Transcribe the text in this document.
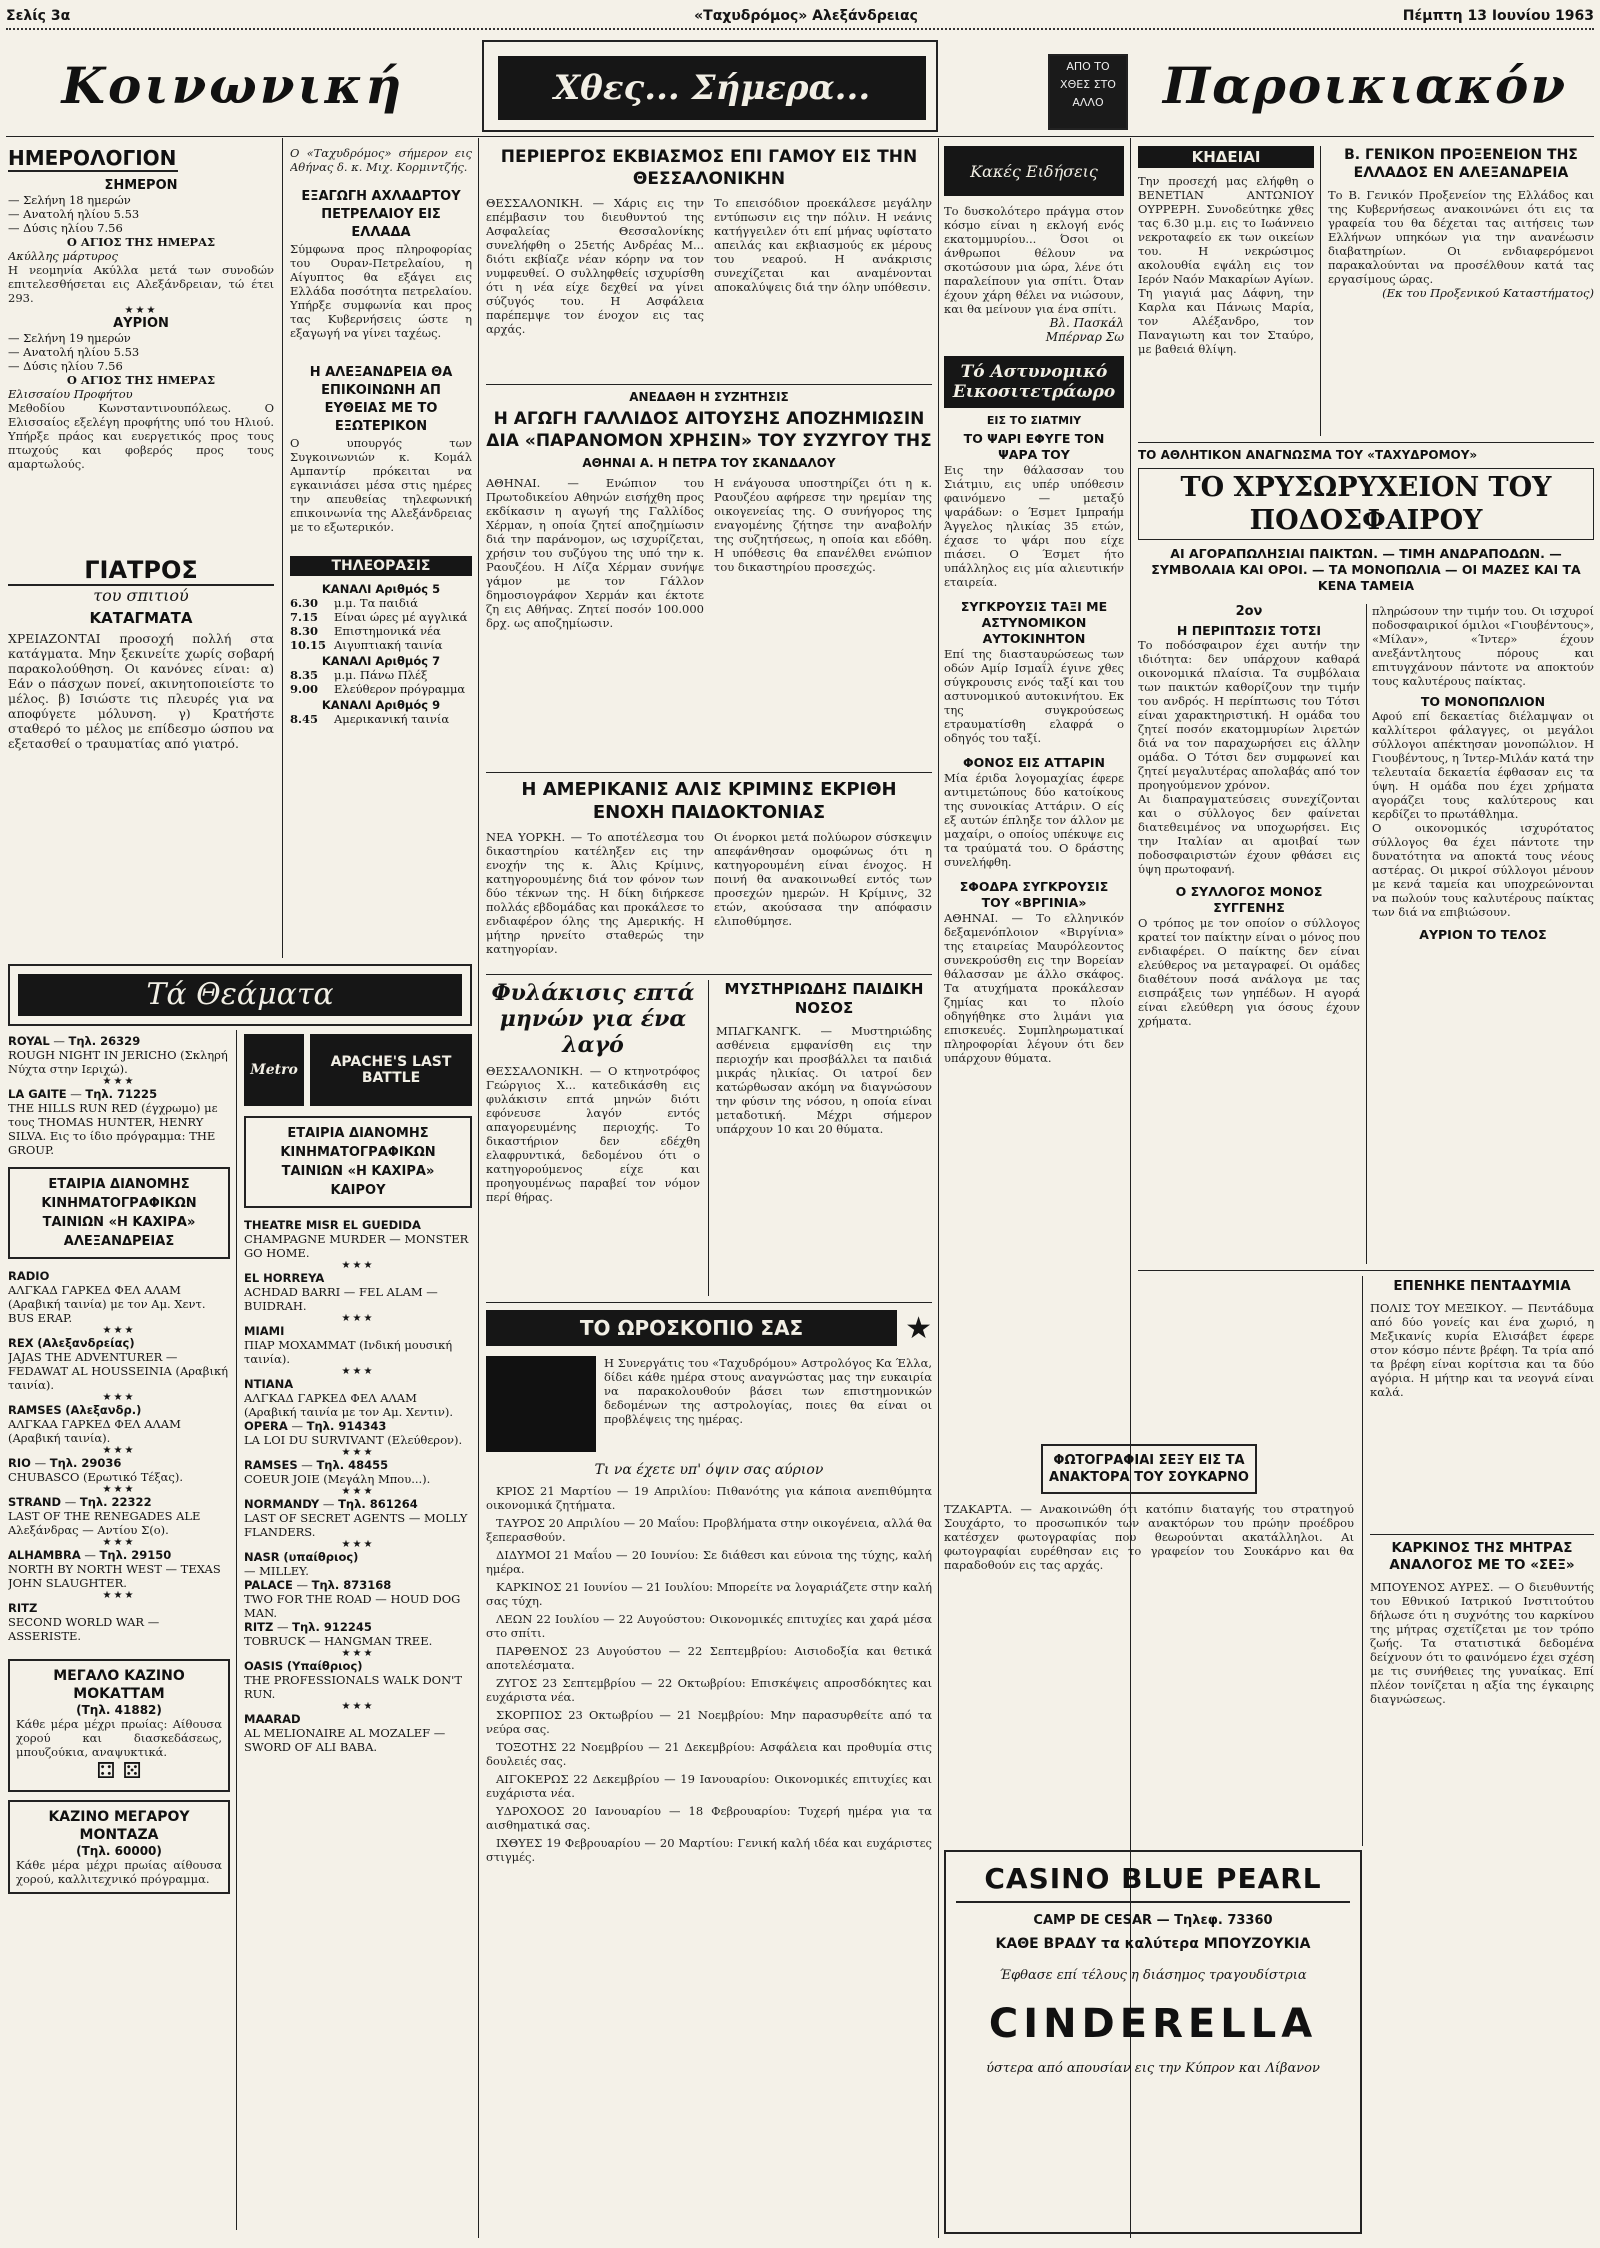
Σελίς 3α	«Ταχυδρόμος» Αλεξάνδρειας	Πέμπτη 13 Ιουνίου 1963
Κοινωνική	Χθες... Σήμερα...
ΑΠΟ ΤΟ ΧΘΕΣ ΣΤΟ ΑΛΛΟ	Παροικιακόν
ΗΜΕΡΟΛΟΓΙΟΝ
ΣΗΜΕΡΟΝ
— Σελήνη 18 ημερών
— Ανατολή ηλίου 5.53
— Δύσις ηλίου 7.56
Ο ΑΓΙΟΣ ΤΗΣ ΗΜΕΡΑΣ
Ακύλλης μάρτυρος
Η νεομηνία Ακύλλα μετά των συνοδών επιτελεσθήσεται εις Αλεξάνδρειαν, τώ έτει 293.
★★★
ΑΥΡΙΟΝ
— Σελήνη 19 ημερών
— Ανατολή ηλίου 5.53
— Δύσις ηλίου 7.56
Ο ΑΓΙΟΣ ΤΗΣ ΗΜΕΡΑΣ
Ελισσαίου Προφήτου
Μεθοδίου Κωνσταντινουπόλεως. Ο Ελισσαίος εξελέγη προφήτης υπό του Ηλιού. Υπήρξε πράος και ευεργετικός προς τους πτωχούς και φοβερός προς τους αμαρτωλούς.
ΓΙΑΤΡΟΣ
του σπιτιού
ΚΑΤΑΓΜΑΤΑ
ΧΡΕΙΑΖΟΝΤΑΙ προσοχή πολλή στα κατάγματα. Μην ξεκινείτε χωρίς σοβαρή παρακολούθηση. Οι κανόνες είναι: α) Εάν ο πάσχων πονεί, ακινητοποιείστε το μέλος. β) Ισιώστε τις πλευρές για να αποφύγετε μόλυνση. γ) Κρατήστε σταθερό το μέλος με επίδεσμο ώσπου να εξετασθεί ο τραυματίας από γιατρό.
Ο «Ταχυδρόμος» σήμερον εις Αθήνας δ. κ. Μιχ. Κορμιντζής.
ΕΞΑΓΩΓΗ ΑΧΛΑΔΡΤΟΥ ΠΕΤΡΕΛΑΙΟΥ ΕΙΣ ΕΛΛΑΔΑ
Σύμφωνα προς πληροφορίας του Ουραν-Πετρελαίου, η Αίγυπτος θα εξάγει εις Ελλάδα ποσότητα πετρελαίου. Υπήρξε συμφωνία και προς τας Κυβερνήσεις ώστε η εξαγωγή να γίνει ταχέως.
Η ΑΛΕΞΑΝΔΡΕΙΑ ΘΑ ΕΠΙΚΟΙΝΩΝΗ ΑΠ ΕΥΘΕΙΑΣ ΜΕ ΤΟ ΕΞΩΤΕΡΙΚΟΝ
Ο υπουργός των Συγκοινωνιών κ. Κομάλ Αμπαντίρ πρόκειται να εγκαινιάσει μέσα στις ημέρες την απευθείας τηλεφωνική επικοινωνία της Αλεξάνδρειας με το εξωτερικόν.
ΤΗΛΕΟΡΑΣΙΣ
ΚΑΝΑΛΙ Αριθμός 5
6.30	μ.μ. Τα παιδιά
7.15	Είναι ώρες μέ αγγλικά
8.30	Επιστημονικά νέα
10.15 Αιγυπτιακή ταινία
ΚΑΝΑΛΙ Αριθμός 7
8.35	μ.μ. Πάνω Πλέξ
9.00	Ελεύθερον πρόγραμμα
ΚΑΝΑΛΙ Αριθμός 9
8.45	Αμερικανική ταινία
Τά Θεάματα
ROYAL — Τηλ. 26329
ROUGH NIGHT IN JERICHO (Σκληρή Νύχτα στην Ιεριχώ).
★★★
LA GAITE — Τηλ. 71225
THE HILLS RUN RED (έγχρωμο) με τους THOMAS HUNTER, HENRY SILVA. Εις το ίδιο πρόγραμμα: THE GROUP.
ΕΤΑΙΡΙΑ ΔΙΑΝΟΜΗΣ ΚΙΝΗΜΑΤΟΓΡΑΦΙΚΩΝ ΤΑΙΝΙΩΝ «Η ΚΑΧΙΡΑ» ΑΛΕΞΑΝΔΡΕΙΑΣ
RADIO
ΑΛΓΚΑΔ ΓΑΡΚΕΔ ΦΕΛ ΑΛΑΜ (Αραβική ταινία) με τον Αμ. Χεντ. BUS ERAP.
★★★
REX (Αλεξανδρείας)
JAJAS THE ADVENTURER — FEDAWAT AL HOUSSEINIA (Αραβική ταινία).
★★★
RAMSES (Αλεξανδρ.)
ΑΛΓΚΑΑ ΓΑΡΚΕΔ ΦΕΛ ΑΛΑΜ (Αραβική ταινία).
★★★
RIO — Τηλ. 29036
CHUBASCO (Ερωτικό Τέξας).
★★★
STRAND — Τηλ. 22322
LAST OF THE RENEGADES ALE Αλεξάνδρας — Αντίου Σ(ο).
★★★
ALHAMBRA — Τηλ. 29150
NORTH BY NORTH WEST — TEXAS JOHN SLAUGHTER.
★★★
RITZ
SECOND WORLD WAR — ASSERISTE.
ΜΕΓΑΛΟ ΚΑΖΙΝΟ ΜΟΚΑΤΤΑΜ
(Τηλ. 41882)
Κάθε μέρα μέχρι πρωίας: Αίθουσα χορού και διασκεδάσεως, μπουζούκια, αναψυκτικά.
⚃ ⚄
ΚΑΖΙΝΟ ΜΕΓΑΡΟΥ ΜΟΝΤΑΖΑ
(Τηλ. 60000)
Κάθε μέρα μέχρι πρωίας αίθουσα χορού, καλλιτεχνικό πρόγραμμα.
Metro	APACHE'S LAST BATTLE
ΕΤΑΙΡΙΑ ΔΙΑΝΟΜΗΣ ΚΙΝΗΜΑΤΟΓΡΑΦΙΚΩΝ ΤΑΙΝΙΩΝ «Η ΚΑΧΙΡΑ» ΚΑΙΡΟΥ
THEATRE MISR EL GUEDIDA
CHAMPAGNE MURDER — MONSTER GO HOME.
★★★
EL HORREYA
ACHDAD BARRI — FEL ALAM — BUIDRAH.
★★★
MIAMI
ΠΙΑΡ ΜΟΧΑΜΜΑΤ (Ινδική μουσική ταινία).
★★★
NTIANA
ΑΛΓΚΑΔ ΓΑΡΚΕΔ ΦΕΛ ΑΛΑΜ (Αραβική ταινία με τον Αμ. Χεντιν).
OPERA — Τηλ. 914343
LA LOI DU SURVIVANT (Ελεύθερον).
★★★
RAMSES — Τηλ. 48455
COEUR JOIE (Μεγάλη Μπου...).
★★★
NORMANDY — Τηλ. 861264
LAST OF SECRET AGENTS — MOLLY FLANDERS.
★★★
NASR (υπαίθριος)
— MILLEY.
PALACE — Τηλ. 873168
TWO FOR THE ROAD — HOUD DOG MAN.
RITZ — Τηλ. 912245
TOBRUCK — HANGMAN TREE.
★★★
OASIS (Υπαίθριος)
THE PROFESSIONALS WALK DON'T RUN.
★★★
MAARAD
AL MELIONAIRE AL MOZALEF — SWORD OF ALI BABA.
ΠΕΡΙΕΡΓΟΣ ΕΚΒΙΑΣΜΟΣ ΕΠΙ ΓΑΜΟΥ ΕΙΣ ΤΗΝ ΘΕΣΣΑΛΟΝΙΚΗΝ
ΘΕΣΣΑΛΟΝΙΚΗ. — Χάρις εις την επέμβασιν του διευθυντού της Ασφαλείας Θεσσαλονίκης συνελήφθη ο 25ετής Ανδρέας Μ... διότι εκβίαζε νέαν κόρην να τον νυμφευθεί. Ο συλληφθείς ισχυρίσθη ότι η νέα είχε δεχθεί να γίνει σύζυγός του. Η Ασφάλεια παρέπεμψε τον ένοχον εις τας αρχάς.
Το επεισόδιον προεκάλεσε μεγάλην εντύπωσιν εις την πόλιν. Η νεάνις κατήγγειλεν ότι επί μήνας υφίστατο απειλάς και εκβιασμούς εκ μέρους του νεαρού. Η ανάκρισις συνεχίζεται και αναμένονται αποκαλύψεις διά την όλην υπόθεσιν.
ΑΝΕΔΑΘΗ Η ΣΥΖΗΤΗΣΙΣ
Η ΑΓΩΓΗ ΓΑΛΛΙΔΟΣ ΑΙΤΟΥΣΗΣ ΑΠΟΖΗΜΙΩΣΙΝ ΔΙΑ «ΠΑΡΑΝΟΜΟΝ ΧΡΗΣΙΝ» ΤΟΥ ΣΥΖΥΓΟΥ ΤΗΣ
ΑΘΗΝΑΙ Α. Η ΠΕΤΡΑ ΤΟΥ ΣΚΑΝΔΑΛΟΥ
ΑΘΗΝΑΙ. — Ενώπιον του Πρωτοδικείου Αθηνών εισήχθη προς εκδίκασιν η αγωγή της Γαλλίδος Χέρμαν, η οποία ζητεί αποζημίωσιν διά την παράνομον, ως ισχυρίζεται, χρήσιν του συζύγου της υπό την κ. Ραουζέου. Η Λίζα Χέρμαν συνήψε γάμον με τον Γάλλον δημοσιογράφον Χερμάν και έκτοτε ζη εις Αθήνας. Ζητεί ποσόν 100.000 δρχ. ως αποζημίωσιν.
Η ενάγουσα υποστηρίζει ότι η κ. Ραουζέου αφήρεσε την ηρεμίαν της οικογενείας της. Ο συνήγορος της εναγομένης ζήτησε την αναβολήν της συζητήσεως, η οποία και εδόθη. Η υπόθεσις θα επανέλθει ενώπιον του δικαστηρίου προσεχώς.
Η ΑΜΕΡΙΚΑΝΙΣ ΑΛΙΣ ΚΡΙΜΙΝΣ ΕΚΡΙΘΗ ΕΝΟΧΗ ΠΑΙΔΟΚΤΟΝΙΑΣ
ΝΕΑ ΥΟΡΚΗ. — Το αποτέλεσμα του δικαστηρίου κατέληξεν εις την ενοχήν της κ. Άλις Κρίμινς, κατηγορουμένης διά τον φόνον των δύο τέκνων της. Η δίκη διήρκεσε πολλάς εβδομάδας και προκάλεσε το ενδιαφέρον όλης της Αμερικής. Η μήτηρ ηρνείτο σταθερώς την κατηγορίαν.
Οι ένορκοι μετά πολύωρον σύσκεψιν απεφάνθησαν ομοφώνως ότι η κατηγορουμένη είναι ένοχος. Η ποινή θα ανακοινωθεί εντός των προσεχών ημερών. Η Κρίμινς, 32 ετών, ακούσασα την απόφασιν ελιποθύμησε.
Φυλάκισις επτά μηνών για ένα λαγό
ΘΕΣΣΑΛΟΝΙΚΗ. — Ο κτηνοτρόφος Γεώργιος Χ... κατεδικάσθη εις φυλάκισιν επτά μηνών διότι εφόνευσε λαγόν εντός απαγορευμένης περιοχής. Το δικαστήριον δεν εδέχθη ελαφρυντικά, δεδομένου ότι ο κατηγορούμενος είχε και προηγουμένως παραβεί τον νόμον περί θήρας.
ΜΥΣΤΗΡΙΩΔΗΣ ΠΑΙΔΙΚΗ ΝΟΣΟΣ
ΜΠΑΓΚΑΝΓΚ. — Μυστηριώδης ασθένεια εμφανίσθη εις την περιοχήν και προσβάλλει τα παιδιά μικράς ηλικίας. Οι ιατροί δεν κατώρθωσαν ακόμη να διαγνώσουν την φύσιν της νόσου, η οποία είναι μεταδοτική. Μέχρι σήμερον υπάρχουν 10 και 20 θύματα.
ΤΟ ΩΡΟΣΚΟΠΙΟ ΣΑΣ	★
Η Συνεργάτις του «Ταχυδρόμου» Αστρολόγος Κα Έλλα, δίδει κάθε ημέρα στους αναγνώστας μας την ευκαιρία να παρακολουθούν βάσει των επιστημονικών δεδομένων της αστρολογίας, ποιες θα είναι οι προβλέψεις της ημέρας.
Τι να έχετε υπ' όψιν σας αύριον

ΚΡΙΟΣ 21 Μαρτίου — 19 Απριλίου: Πιθανότης για κάποια ανεπιθύμητα οικονομικά ζητήματα.

ΤΑΥΡΟΣ 20 Απριλίου — 20 Μαΐου: Προβλήματα στην οικογένεια, αλλά θα ξεπερασθούν.

ΔΙΔΥΜΟΙ 21 Μαΐου — 20 Ιουνίου: Σε διάθεσι και εύνοια της τύχης, καλή ημέρα.

ΚΑΡΚΙΝΟΣ 21 Ιουνίου — 21 Ιουλίου: Μπορείτε να λογαριάζετε στην καλή σας τύχη.

ΛΕΩΝ 22 Ιουλίου — 22 Αυγούστου: Οικονομικές επιτυχίες και χαρά μέσα στο σπίτι.

ΠΑΡΘΕΝΟΣ 23 Αυγούστου — 22 Σεπτεμβρίου: Αισιοδοξία και θετικά αποτελέσματα.

ΖΥΓΟΣ 23 Σεπτεμβρίου — 22 Οκτωβρίου: Επισκέψεις απροσδόκητες και ευχάριστα νέα.

ΣΚΟΡΠΙΟΣ 23 Οκτωβρίου — 21 Νοεμβρίου: Μην παρασυρθείτε από τα νεύρα σας.

ΤΟΞΟΤΗΣ 22 Νοεμβρίου — 21 Δεκεμβρίου: Ασφάλεια και προθυμία στις δουλειές σας.

ΑΙΓΟΚΕΡΩΣ 22 Δεκεμβρίου — 19 Ιανουαρίου: Οικονομικές επιτυχίες και ευχάριστα νέα.

ΥΔΡΟΧΟΟΣ 20 Ιανουαρίου — 18 Φεβρουαρίου: Τυχερή ημέρα για τα αισθηματικά σας.

ΙΧΘΥΕΣ 19 Φεβρουαρίου — 20 Μαρτίου: Γενική καλή ιδέα και ευχάριστες στιγμές.

Κακές Ειδήσεις
Το δυσκολότερο πράγμα στον κόσμο είναι η εκλογή ενός εκατομμυρίου... Όσοι οι άνθρωποι θέλουν να σκοτώσουν μια ώρα, λένε ότι παραλείπουν για σπίτι. Όταν έχουν χάρη θέλει να νιώσουν, και θα μείνουν για ένα σπίτι.
Βλ. Πασκάλ
Μπέρναρ Σω
Τό Αστυνομικό Εικοσιτετράωρο
ΕΙΣ ΤΟ ΣΙΑΤΜΙΥ
ΤΟ ΨΑΡΙ ΕΦΥΓΕ ΤΟΝ ΨΑΡΑ ΤΟΥ
Εις την θάλασσαν του Σιάτμιυ, εις υπέρ υπόθεσιν φαινόμενο — μεταξύ ψαράδων: ο Έσμετ Ιμπραήμ Άγγελος ηλικίας 35 ετών, έχασε το ψάρι που είχε πιάσει. Ο Έσμετ ήτο υπάλληλος εις μία αλιευτικήν εταιρεία.
ΣΥΓΚΡΟΥΣΙΣ ΤΑΞΙ ΜΕ ΑΣΤΥΝΟΜΙΚΟΝ ΑΥΤΟΚΙΝΗΤΟΝ
Επί της διασταυρώσεως των οδών Αμίρ Ισμαΐλ έγινε χθες σύγκρουσις ενός ταξί και του αστυνομικού αυτοκινήτου. Εκ της συγκρούσεως ετραυματίσθη ελαφρά ο οδηγός του ταξί.
ΦΟΝΟΣ ΕΙΣ ΑΤΤΑΡΙΝ
Μία έριδα λογομαχίας έφερε αντιμετώπους δύο κατοίκους της συνοικίας Αττάριν. Ο είς εξ αυτών έπληξε τον άλλον με μαχαίρι, ο οποίος υπέκυψε εις τα τραύματά του. Ο δράστης συνελήφθη.
ΣΦΟΔΡΑ ΣΥΓΚΡΟΥΣΙΣ ΤΟΥ «ΒΡΓΙΝΙΑ»
ΑΘΗΝΑΙ. — Το ελληνικόν δεξαμενόπλοιον «Βιργίνια» της εταιρείας Μαυρόλεοντος συνεκρούσθη εις την Βορείαν θάλασσαν με άλλο σκάφος. Τα ατυχήματα προκάλεσαν ζημίας και το πλοίο οδηγήθηκε στο λιμάνι για επισκευές. Συμπληρωματικαί πληροφορίαι λέγουν ότι δεν υπάρχουν θύματα.
ΚΗΔΕΙΑΙ
Την προσεχή μας ελήφθη ο ΒΕΝΕΤΙΑΝ ΑΝΤΩΝΙΟΥ ΟΥΡΡΕΡΗ. Συνοδεύτηκε χθες τας 6.30 μ.μ. εις το Ιωάννειο νεκροταφείο εκ των οικείων του. Η νεκρώσιμος ακολουθία εψάλη εις τον Ιερόν Ναόν Μακαρίων Αγίων.
Τη γιαγιά μας Δάφνη, την Καρλα και Πάνωις Μαρία, τον Αλέξανδρο, τον Παναγιωτη και τον Σταύρο, με βαθειά θλίψη.
Β. ΓΕΝΙΚΟΝ ΠΡΟΞΕΝΕΙΟΝ ΤΗΣ ΕΛΛΑΔΟΣ ΕΝ ΑΛΕΞΑΝΔΡΕΙΑ
Το Β. Γενικόν Προξενείον της Ελλάδος και της Κυβερνήσεως ανακοινώνει ότι εις τα γραφεία του θα δέχεται τας αιτήσεις των Ελλήνων υπηκόων για την ανανέωσιν διαβατηρίων. Οι ενδιαφερόμενοι παρακαλούνται να προσέλθουν κατά τας εργασίμους ώρας.
(Εκ του Προξενικού Καταστήματος)
ΤΟ ΑΘΛΗΤΙΚΟΝ ΑΝΑΓΝΩΣΜΑ ΤΟΥ «ΤΑΧΥΔΡΟΜΟΥ»
ΤΟ ΧΡΥΣΩΡΥΧΕΙΟΝ ΤΟΥ ΠΟΔΟΣΦΑΙΡΟΥ
ΑΙ ΑΓΟΡΑΠΩΛΗΣΙΑΙ ΠΑΙΚΤΩΝ. — ΤΙΜΗ ΑΝΔΡΑΠΟΔΩΝ. — ΣΥΜΒΟΛΑΙΑ ΚΑΙ ΟΡΟΙ. — ΤΑ ΜΟΝΟΠΩΛΙΑ — ΟΙ ΜΑΖΕΣ ΚΑΙ ΤΑ ΚΕΝΑ ΤΑΜΕΙΑ
2ον
Η ΠΕΡΙΠΤΩΣΙΣ ΤΟΤΣΙ
Το ποδόσφαιρον έχει αυτήν την ιδιότητα: δεν υπάρχουν καθαρά οικονομικά πλαίσια. Τα συμβόλαια των παικτών καθορίζουν την τιμήν του ανδρός. Η περίπτωσις του Τότσι είναι χαρακτηριστική. Η ομάδα του ζητεί ποσόν εκατομμυρίων λιρετών διά να τον παραχωρήσει εις άλλην ομάδα. Ο Τότσι δεν συμφωνεί και ζητεί μεγαλυτέρας απολαβάς από τον προηγούμενον χρόνον.
Αι διαπραγματεύσεις συνεχίζονται και ο σύλλογος δεν φαίνεται διατεθειμένος να υποχωρήσει. Εις την Ιταλίαν αι αμοιβαί των ποδοσφαιριστών έχουν φθάσει εις ύψη πρωτοφανή.
Ο ΣΥΛΛΟΓΟΣ ΜΟΝΟΣ ΣΥΓΓΕΝΗΣ
Ο τρόπος με τον οποίον ο σύλλογος κρατεί τον παίκτην είναι ο μόνος που ενδιαφέρει. Ο παίκτης δεν είναι ελεύθερος να μεταγραφεί. Οι ομάδες διαθέτουν ποσά ανάλογα με τας εισπράξεις των γηπέδων. Η αγορά είναι ελεύθερη για όσους έχουν χρήματα.
πληρώσουν την τιμήν του. Οι ισχυροί ποδοσφαιρικοί όμιλοι «Γιουβέντους», «Μίλαν», «Ίντερ» έχουν ανεξάντλητους πόρους και επιτυγχάνουν πάντοτε να αποκτούν τους καλυτέρους παίκτας.
ΤΟ ΜΟΝΟΠΩΛΙΟΝ
Αφού επί δεκαετίας διέλαμψαν οι καλλίτεροι φάλαγγες, οι μεγάλοι σύλλογοι απέκτησαν μονοπώλιον. Η Γιουβέντους, η Ίντερ-Μιλάν κατά την τελευταία δεκαετία έφθασαν εις τα ύψη. Η ομάδα που έχει χρήματα αγοράζει τους καλύτερους και κερδίζει το πρωτάθλημα.
Ο οικονομικός ισχυρότατος σύλλογος θα έχει πάντοτε την δυνατότητα να αποκτά τους νέους αστέρας. Οι μικροί σύλλογοι μένουν με κενά ταμεία και υποχρεώνονται να πωλούν τους καλυτέρους παίκτας των διά να επιβιώσουν.
ΑΥΡΙΟΝ ΤΟ ΤΕΛΟΣ
ΦΩΤΟΓΡΑΦΙΑΙ ΣΕΞΥ ΕΙΣ ΤΑ ΑΝΑΚΤΟΡΑ ΤΟΥ ΣΟΥΚΑΡΝΟ
ΤΖΑΚΑΡΤΑ. — Ανακοινώθη ότι κατόπιν διαταγής του στρατηγού Σουχάρτο, το προσωπικόν των ανακτόρων του πρώην προέδρου κατέσχεν φωτογραφίας που θεωρούνται ακατάλληλοι. Αι φωτογραφίαι ευρέθησαν εις το γραφείον του Σουκάρνο και θα παραδοθούν εις τας αρχάς.
ΕΠΕΝΗΚΕ ΠΕΝΤΑΔΥΜΙΑ
ΠΟΛΙΣ ΤΟΥ ΜΕΞΙΚΟΥ. — Πεντάδυμα από δύο γονείς και ένα χωριό, η Μεξικανίς κυρία Ελισάβετ έφερε στον κόσμο πέντε βρέφη. Τα τρία από τα βρέφη είναι κορίτσια και τα δύο αγόρια. Η μήτηρ και τα νεογνά είναι καλά.
ΚΑΡΚΙΝΟΣ ΤΗΣ ΜΗΤΡΑΣ ΑΝΑΛΟΓΟΣ ΜΕ ΤΟ «ΣΕΞ»
ΜΠΟΥΕΝΟΣ ΑΥΡΕΣ. — Ο διευθυντής του Εθνικού Ιατρικού Ινστιτούτου δήλωσε ότι η συχνότης του καρκίνου της μήτρας σχετίζεται με τον τρόπο ζωής. Τα στατιστικά δεδομένα δείχνουν ότι το φαινόμενο έχει σχέση με τις συνήθειες της γυναίκας. Επί πλέον τονίζεται η αξία της έγκαιρης διαγνώσεως.
CASINO BLUE PEARL
CAMP DE CESAR — Τηλεφ. 73360
ΚΑΘΕ ΒΡΑΔΥ τα καλύτερα ΜΠΟΥΖΟΥΚΙΑ
Έφθασε επί τέλους η διάσημος τραγουδίστρια
CINDERELLA
ύστερα από απουσίαν εις την Κύπρον και Λίβανον
